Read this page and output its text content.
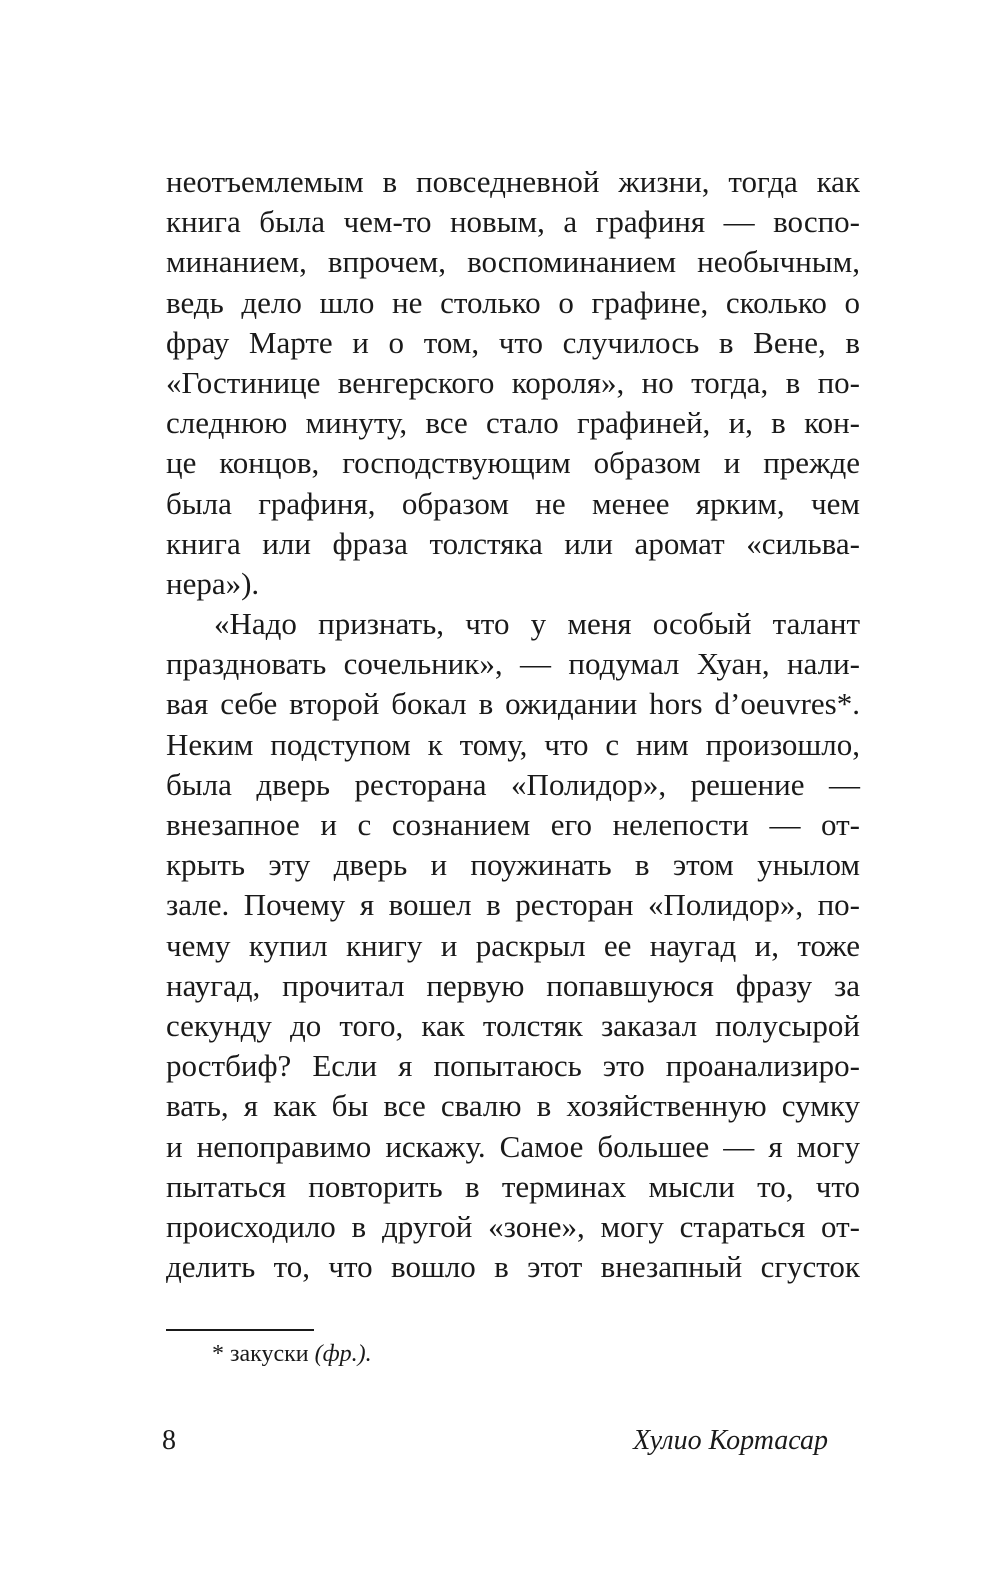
неотъемлемым в повседневной жизни, тогда как
книга была чем-то новым, а графиня — воспо-
минанием, впрочем, воспоминанием необычным,
ведь дело шло не столько о графине, сколько о
фрау Марте и о том, что случилось в Вене, в
«Гостинице венгерского короля», но тогда, в по-
следнюю минуту, все стало графиней, и, в кон-
це концов, господствующим образом и прежде
была графиня, образом не менее ярким, чем
книга или фраза толстяка или аромат «сильва-
нера»).
«Надо признать, что у меня особый талант
праздновать сочельник», — подумал Хуан, нали-
вая себе второй бокал в ожидании hors d’oeuvres*.
Неким подступом к тому, что с ним произошло,
была дверь ресторана «Полидор», решение —
внезапное и с сознанием его нелепости — от-
крыть эту дверь и поужинать в этом унылом
зале. Почему я вошел в ресторан «Полидор», по-
чему купил книгу и раскрыл ее наугад и, тоже
наугад, прочитал первую попавшуюся фразу за
секунду до того, как толстяк заказал полусырой
ростбиф? Если я попытаюсь это проанализиро-
вать, я как бы все свалю в хозяйственную сумку
и непоправимо искажу. Самое большее — я могу
пытаться повторить в терминах мысли то, что
происходило в другой «зоне», могу стараться от-
делить то, что вошло в этот внезапный сгусток
* закуски (фр.).
8	Хулио Кортасар
